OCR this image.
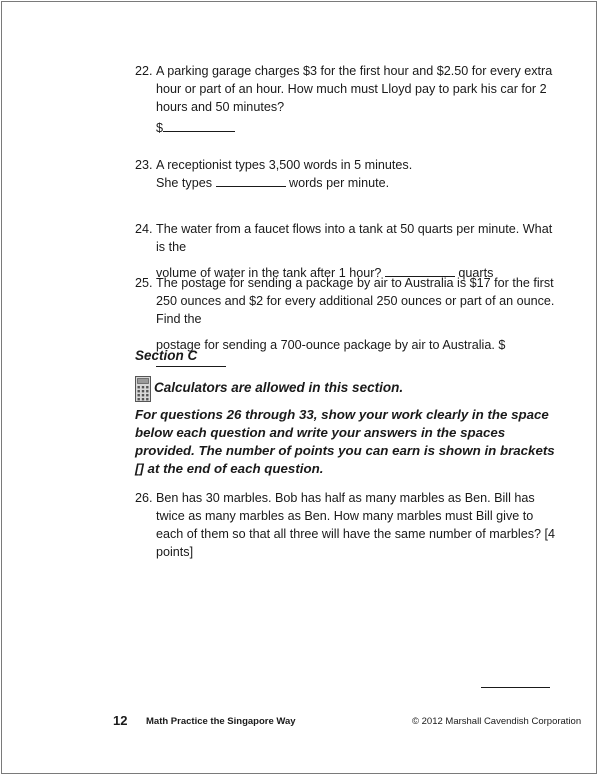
22. A parking garage charges $3 for the first hour and $2.50 for every extra hour or part of an hour. How much must Lloyd pay to park his car for 2 hours and 50 minutes?
$
23. A receptionist types 3,500 words in 5 minutes.
She types	words per minute.
24. The water from a faucet flows into a tank at 50 quarts per minute. What is the
volume of water in the tank after 1 hour?	quarts
25. The postage for sending a package by air to Australia is $17 for the first 250 ounces and $2 for every additional 250 ounces or part of an ounce. Find the
postage for sending a 700-ounce package by air to Australia. $
Section C
Calculators are allowed in this section.
For questions 26 through 33, show your work clearly in the space below each question and write your answers in the spaces provided. The number of points you can earn is shown in brackets [] at the end of each question.
26. Ben has 30 marbles. Bob has half as many marbles as Ben. Bill has twice as many marbles as Ben. How many marbles must Bill give to each of them so that all three will have the same number of marbles? [4 points]
12 Math Practice the Singapore Way	© 2012 Marshall Cavendish Corporation
